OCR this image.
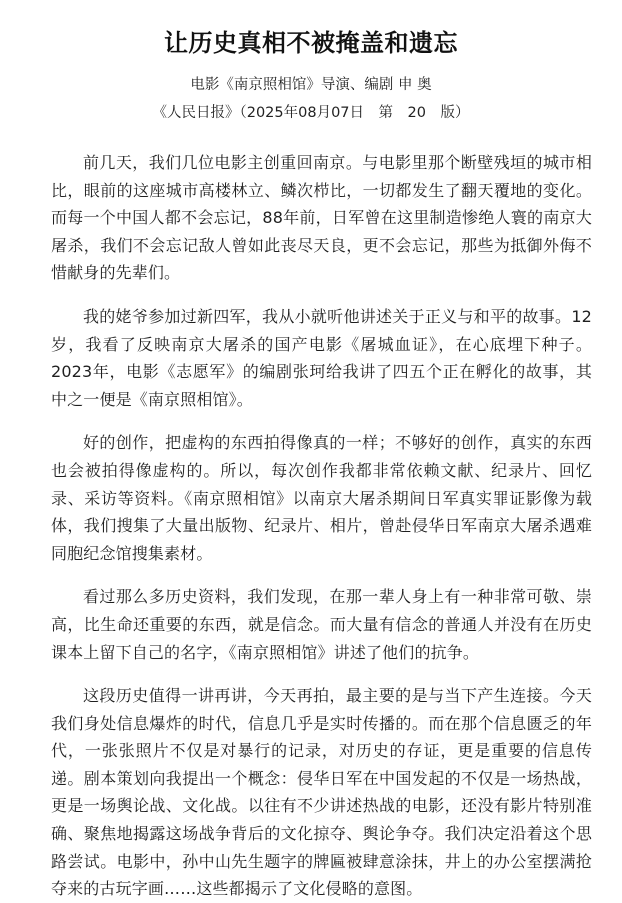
让历史真相不被掩盖和遗忘

电影《南京照相馆》导演、编剧 申 奥

《人民日报》（2025年08月07日　第　20　版）

前几天，我们几位电影主创重回南京。与电影里那个断壁残垣的城市相比，眼前的这座城市高楼林立、鳞次栉比，一切都发生了翻天覆地的变化。而每一个中国人都不会忘记，88年前，日军曾在这里制造惨绝人寰的南京大屠杀，我们不会忘记敌人曾如此丧尽天良，更不会忘记，那些为抵御外侮不惜献身的先辈们。

我的姥爷参加过新四军，我从小就听他讲述关于正义与和平的故事。12岁，我看了反映南京大屠杀的国产电影《屠城血证》，在心底埋下种子。2023年，电影《志愿军》的编剧张珂给我讲了四五个正在孵化的故事，其中之一便是《南京照相馆》。

好的创作，把虚构的东西拍得像真的一样；不够好的创作，真实的东西也会被拍得像虚构的。所以，每次创作我都非常依赖文献、纪录片、回忆录、采访等资料。《南京照相馆》以南京大屠杀期间日军真实罪证影像为载体，我们搜集了大量出版物、纪录片、相片，曾赴侵华日军南京大屠杀遇难同胞纪念馆搜集素材。

看过那么多历史资料，我们发现，在那一辈人身上有一种非常可敬、崇高，比生命还重要的东西，就是信念。而大量有信念的普通人并没有在历史课本上留下自己的名字，《南京照相馆》讲述了他们的抗争。

这段历史值得一讲再讲，今天再拍，最主要的是与当下产生连接。今天我们身处信息爆炸的时代，信息几乎是实时传播的。而在那个信息匮乏的年代，一张张照片不仅是对暴行的记录，对历史的存证，更是重要的信息传递。剧本策划向我提出一个概念：侵华日军在中国发起的不仅是一场热战，更是一场舆论战、文化战。以往有不少讲述热战的电影，还没有影片特别准确、聚焦地揭露这场战争背后的文化掠夺、舆论争夺。我们决定沿着这个思路尝试。电影中，孙中山先生题字的牌匾被肆意涂抹，井上的办公室摆满抢夺来的古玩字画……这些都揭示了文化侵略的意图。
